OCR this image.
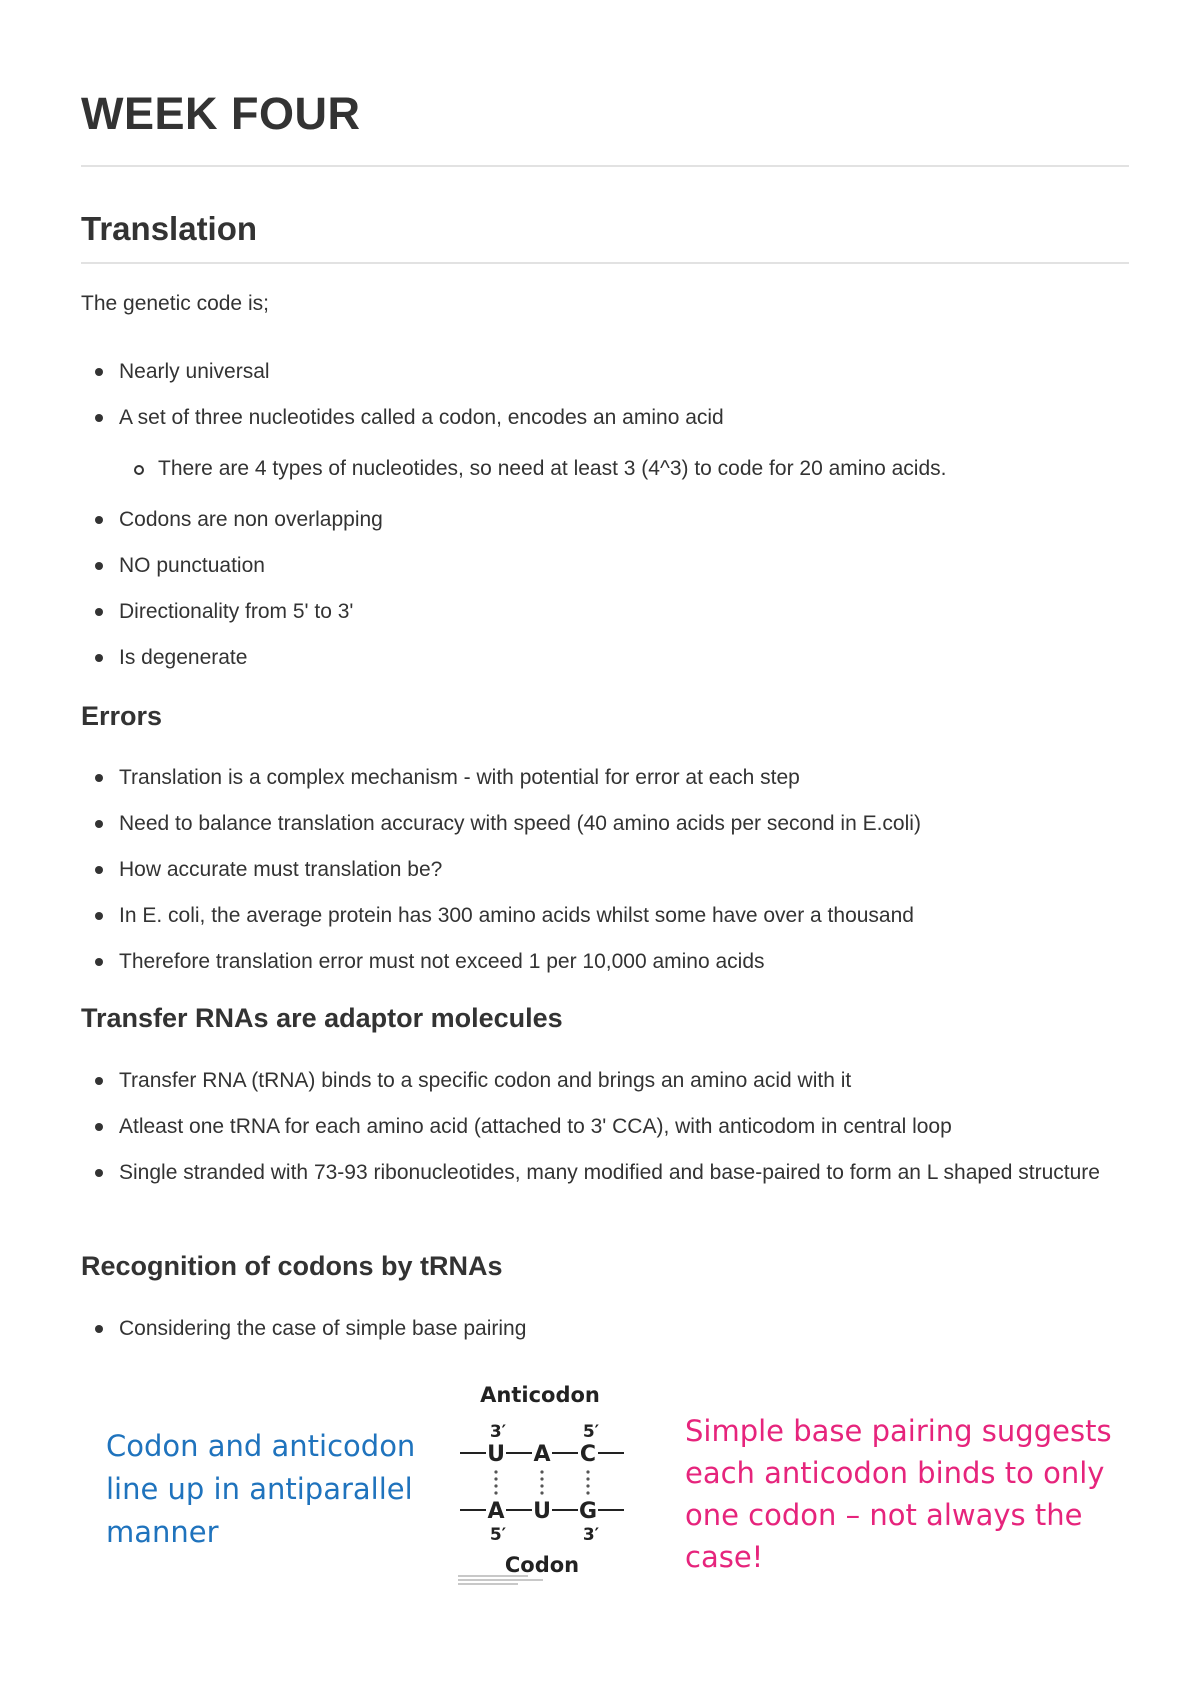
WEEK FOUR
Translation

The genetic code is;

Nearly universal
A set of three nucleotides called a codon, encodes an amino acid
There are 4 types of nucleotides, so need at least 3 (4^3) to code for 20 amino acids.
Codons are non overlapping
NO punctuation
Directionality from 5' to 3'
Is degenerate
Errors
Translation is a complex mechanism - with potential for error at each step
Need to balance translation accuracy with speed (40 amino acids per second in E.coli)
How accurate must translation be?
In E. coli, the average protein has 300 amino acids whilst some have over a thousand
Therefore translation error must not exceed 1 per 10,000 amino acids
Transfer RNAs are adaptor molecules
Transfer RNA (tRNA) binds to a specific codon and brings an amino acid with it
Atleast one tRNA for each amino acid (attached to 3' CCA), with anticodom in central loop
Single stranded with 73-93 ribonucleotides, many modified and base-paired to form an L shaped structure
Recognition of codons by tRNAs
Considering the case of simple base pairing

Codon and anticodon line up in antiparallel manner

Anticodon
3′	5′
U A C
A U G
5′	3′
Codon

Simple base pairing suggests each anticodon binds to only one codon – not always the case!
